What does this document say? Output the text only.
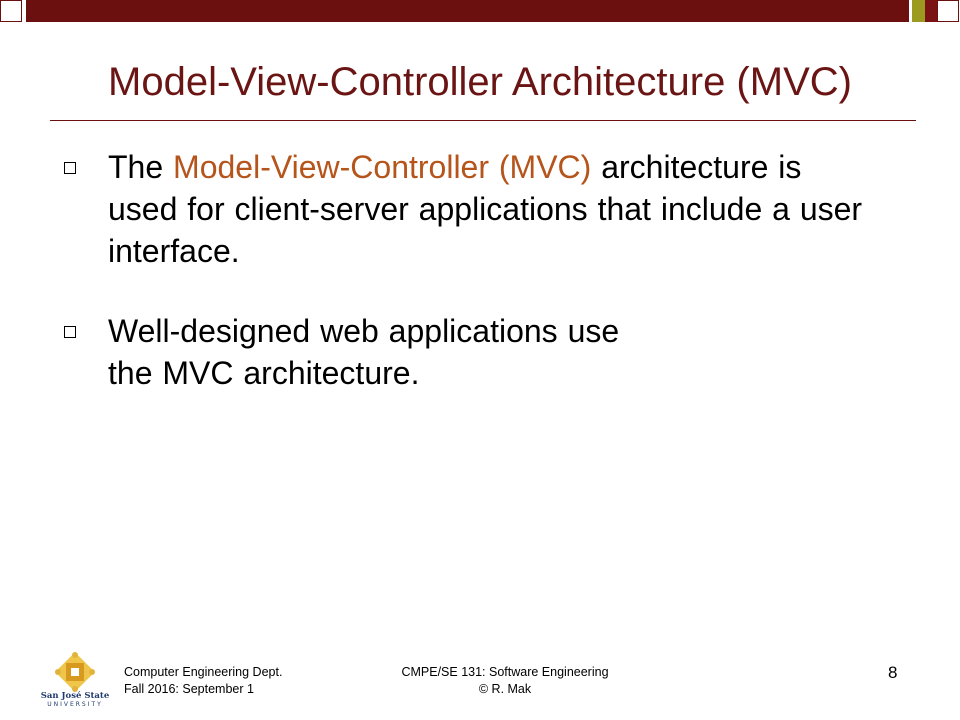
Model-View-Controller Architecture (MVC)
The Model-View-Controller (MVC) architecture is used for client-server applications that include a user interface.
Well-designed web applications use the MVC architecture.
San José State
UNIVERSITY
Computer Engineering Dept.
Fall 2016: September 1
CMPE/SE 131: Software Engineering
© R. Mak
8
